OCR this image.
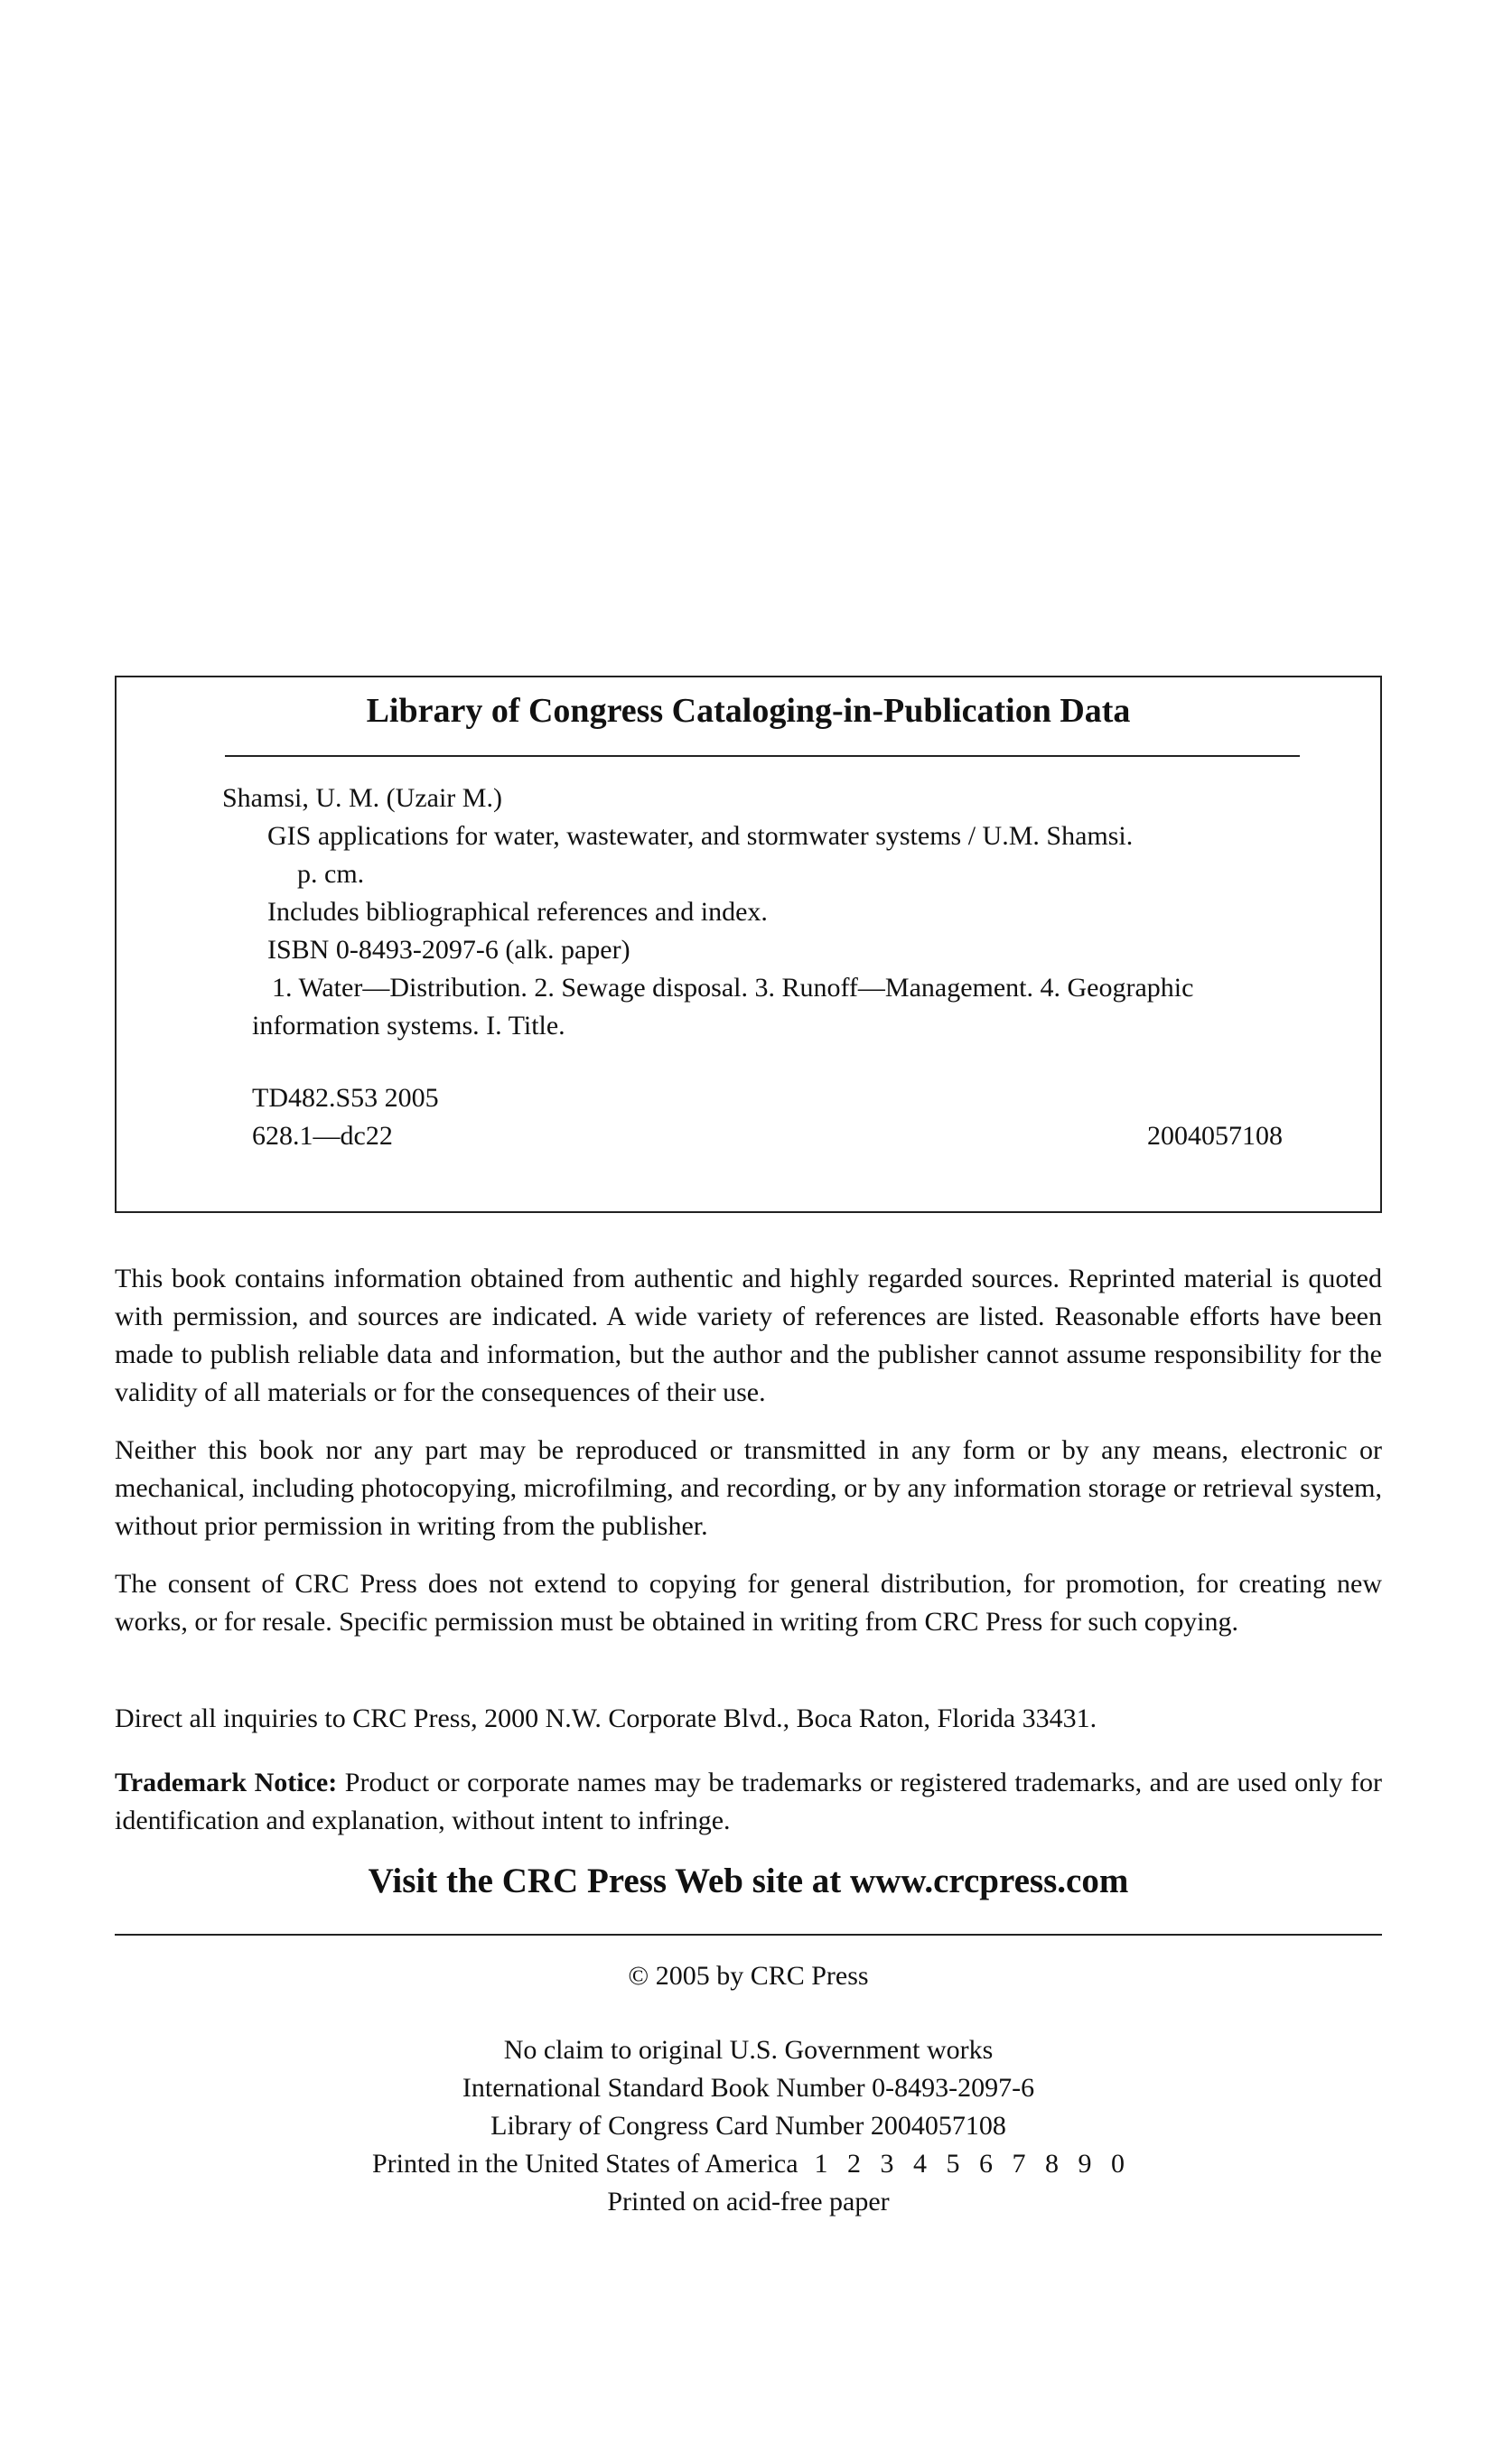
Library of Congress Cataloging-in-Publication Data
Shamsi, U. M. (Uzair M.)
GIS applications for water, wastewater, and stormwater systems / U.M. Shamsi.
p. cm.
Includes bibliographical references and index.
ISBN 0-8493-2097-6 (alk. paper)
1. Water—Distribution. 2. Sewage disposal. 3. Runoff—Management. 4. Geographic
information systems. I. Title.
TD482.S53 2005
628.1—dc22	2004057108
This book contains information obtained from authentic and highly regarded sources. Reprinted material is quoted with permission, and sources are indicated. A wide variety of references are listed. Reasonable efforts have been made to publish reliable data and information, but the author and the publisher cannot assume responsibility for the validity of all materials or for the consequences of their use.
Neither this book nor any part may be reproduced or transmitted in any form or by any means, electronic or mechanical, including photocopying, microfilming, and recording, or by any information storage or retrieval system, without prior permission in writing from the publisher.
The consent of CRC Press does not extend to copying for general distribution, for promotion, for creating new works, or for resale. Specific permission must be obtained in writing from CRC Press for such copying.
Direct all inquiries to CRC Press, 2000 N.W. Corporate Blvd., Boca Raton, Florida 33431.
Trademark Notice: Product or corporate names may be trademarks or registered trademarks, and are used only for identification and explanation, without intent to infringe.
Visit the CRC Press Web site at www.crcpress.com
© 2005 by CRC Press
No claim to original U.S. Government works
International Standard Book Number 0-8493-2097-6
Library of Congress Card Number 2004057108
Printed in the United States of America 1 2 3 4 5 6 7 8 9 0
Printed on acid-free paper
